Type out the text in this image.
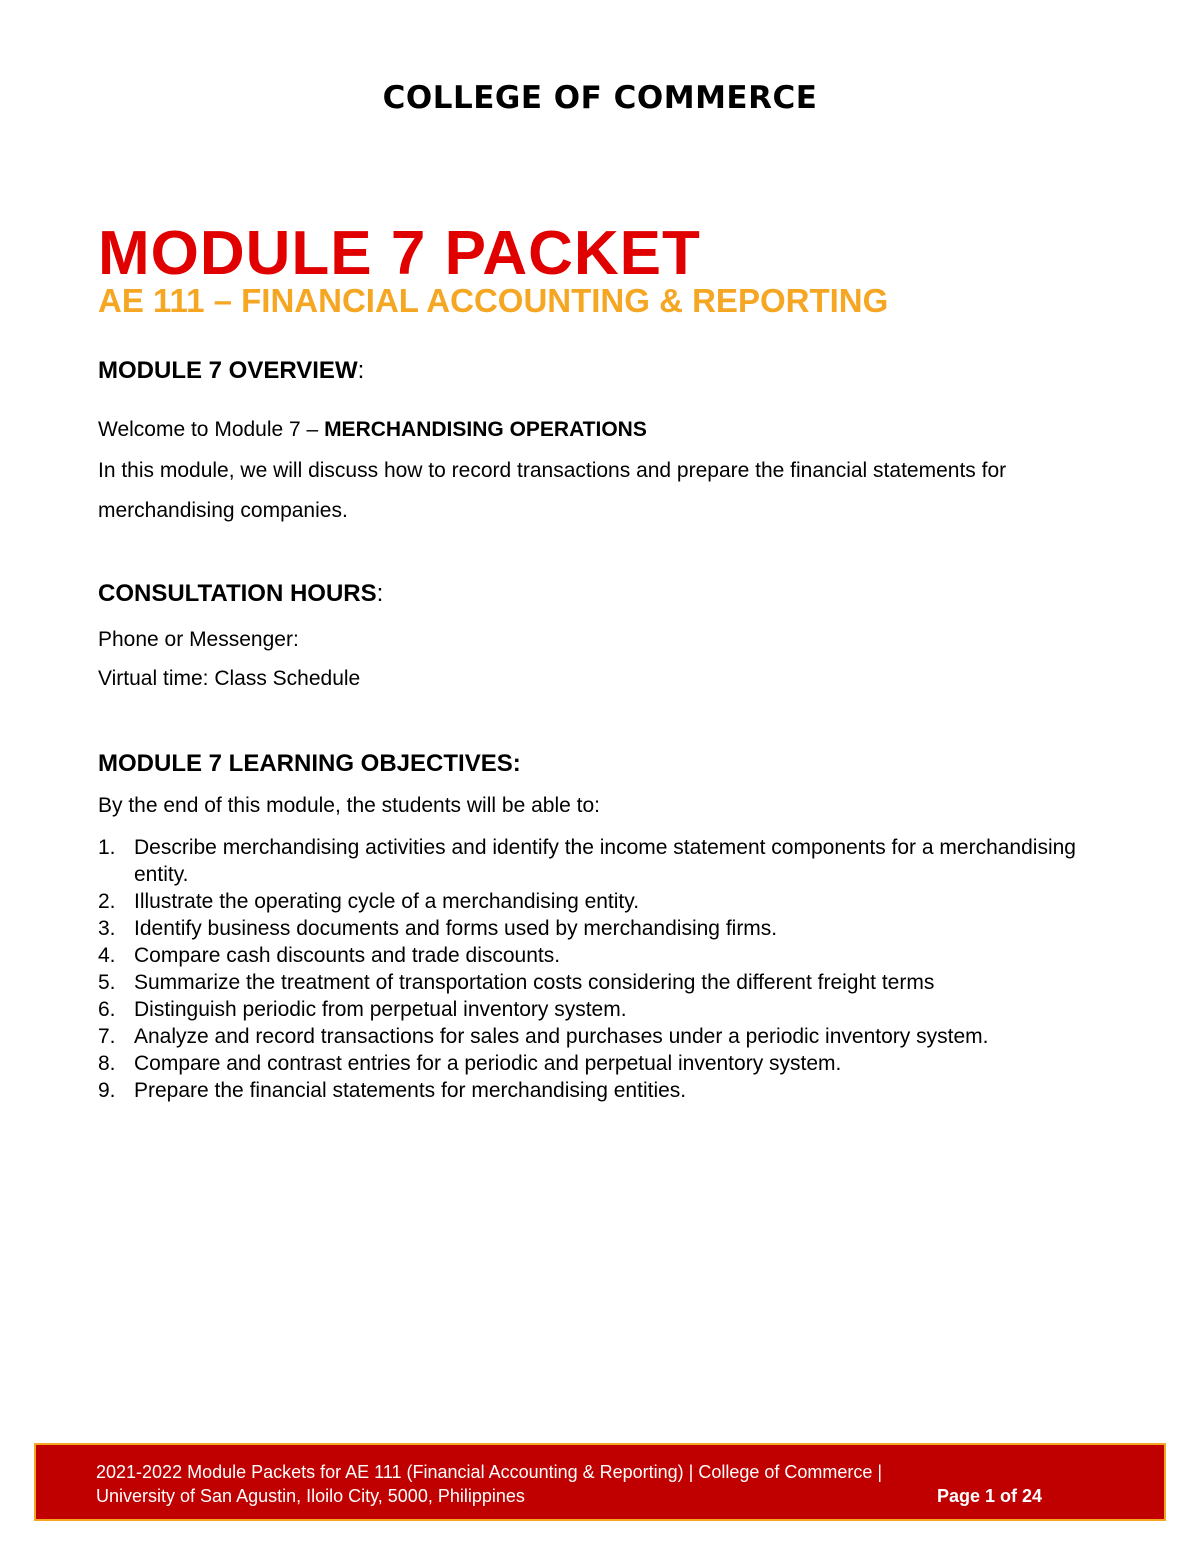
COLLEGE OF COMMERCE
MODULE 7 PACKET
AE 111 – FINANCIAL ACCOUNTING & REPORTING
MODULE 7 OVERVIEW:
Welcome to Module 7 – MERCHANDISING OPERATIONS
In this module, we will discuss how to record transactions and prepare the financial statements for
merchandising companies.
CONSULTATION HOURS:
Phone or Messenger:
Virtual time: Class Schedule
MODULE 7 LEARNING OBJECTIVES:
By the end of this module, the students will be able to:
1. Describe merchandising activities and identify the income statement components for a merchandising entity.
2. Illustrate the operating cycle of a merchandising entity.
3. Identify business documents and forms used by merchandising firms.
4. Compare cash discounts and trade discounts.
5. Summarize the treatment of transportation costs considering the different freight terms
6. Distinguish periodic from perpetual inventory system.
7. Analyze and record transactions for sales and purchases under a periodic inventory system.
8. Compare and contrast entries for a periodic and perpetual inventory system.
9. Prepare the financial statements for merchandising entities.
2021-2022 Module Packets for AE 111 (Financial Accounting & Reporting) | College of Commerce |
University of San Agustin, Iloilo City, 5000, Philippines	Page 1 of 24
